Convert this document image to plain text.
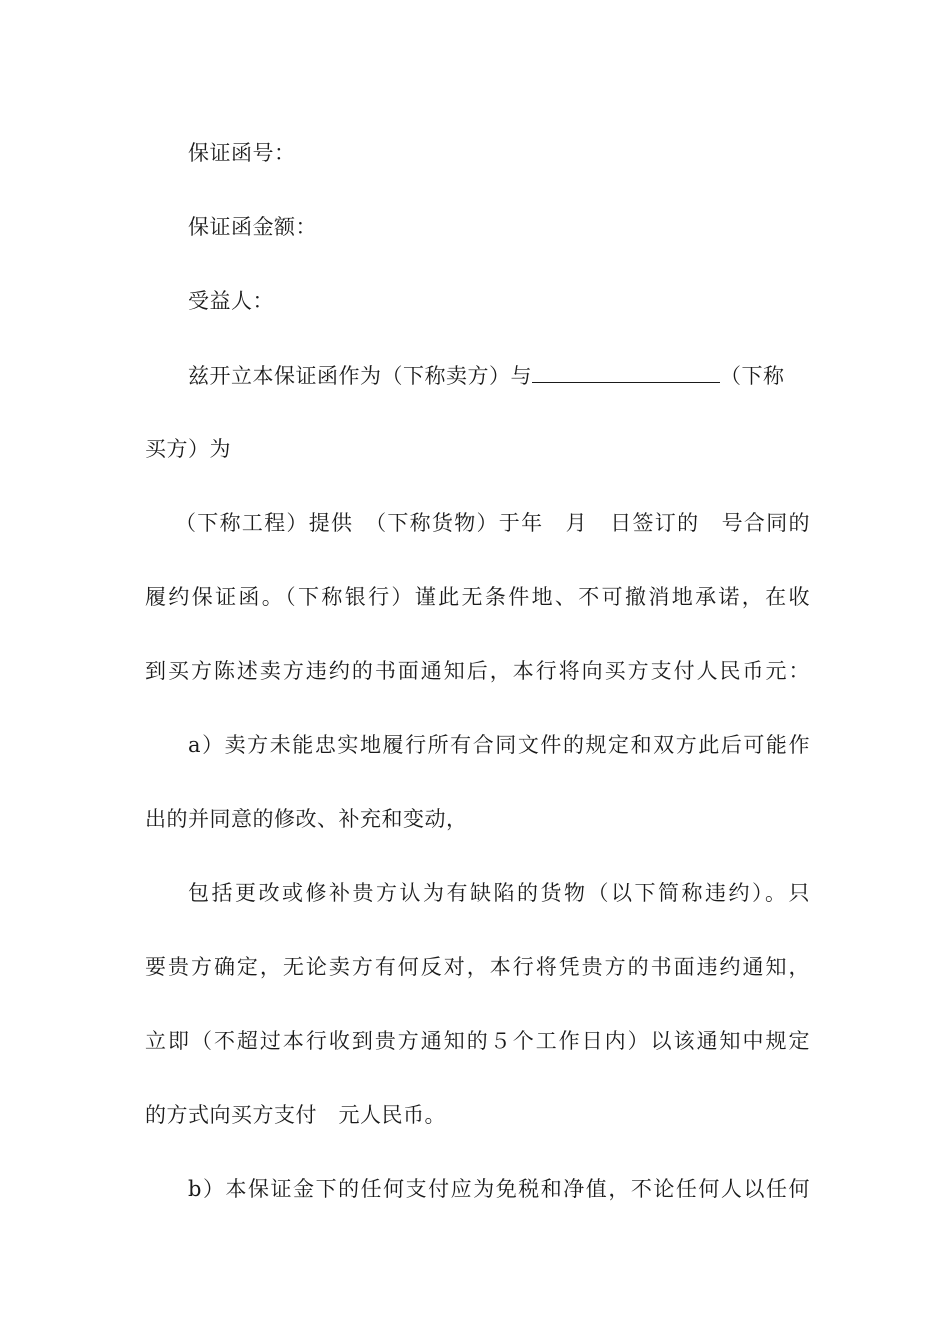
保证函号：
保证函金额：
受益人：
兹开立本保证函作为（下称卖方）与	（下称
买方）为
（下称工程）提供　（下称货物）于年　月　日签订的　号合同的
履约保证函。（下称银行）谨此无条件地、不可撤消地承诺，在收
到买方陈述卖方违约的书面通知后，本行将向买方支付人民币元：
a）卖方未能忠实地履行所有合同文件的规定和双方此后可能作
出的并同意的修改、补充和变动，
包括更改或修补贵方认为有缺陷的货物（以下简称违约）。只
要贵方确定，无论卖方有何反对，本行将凭贵方的书面违约通知，
立即（不超过本行收到贵方通知的５个工作日内）以该通知中规定
的方式向买方支付　元人民币。
b）本保证金下的任何支付应为免税和净值，不论任何人以任何
